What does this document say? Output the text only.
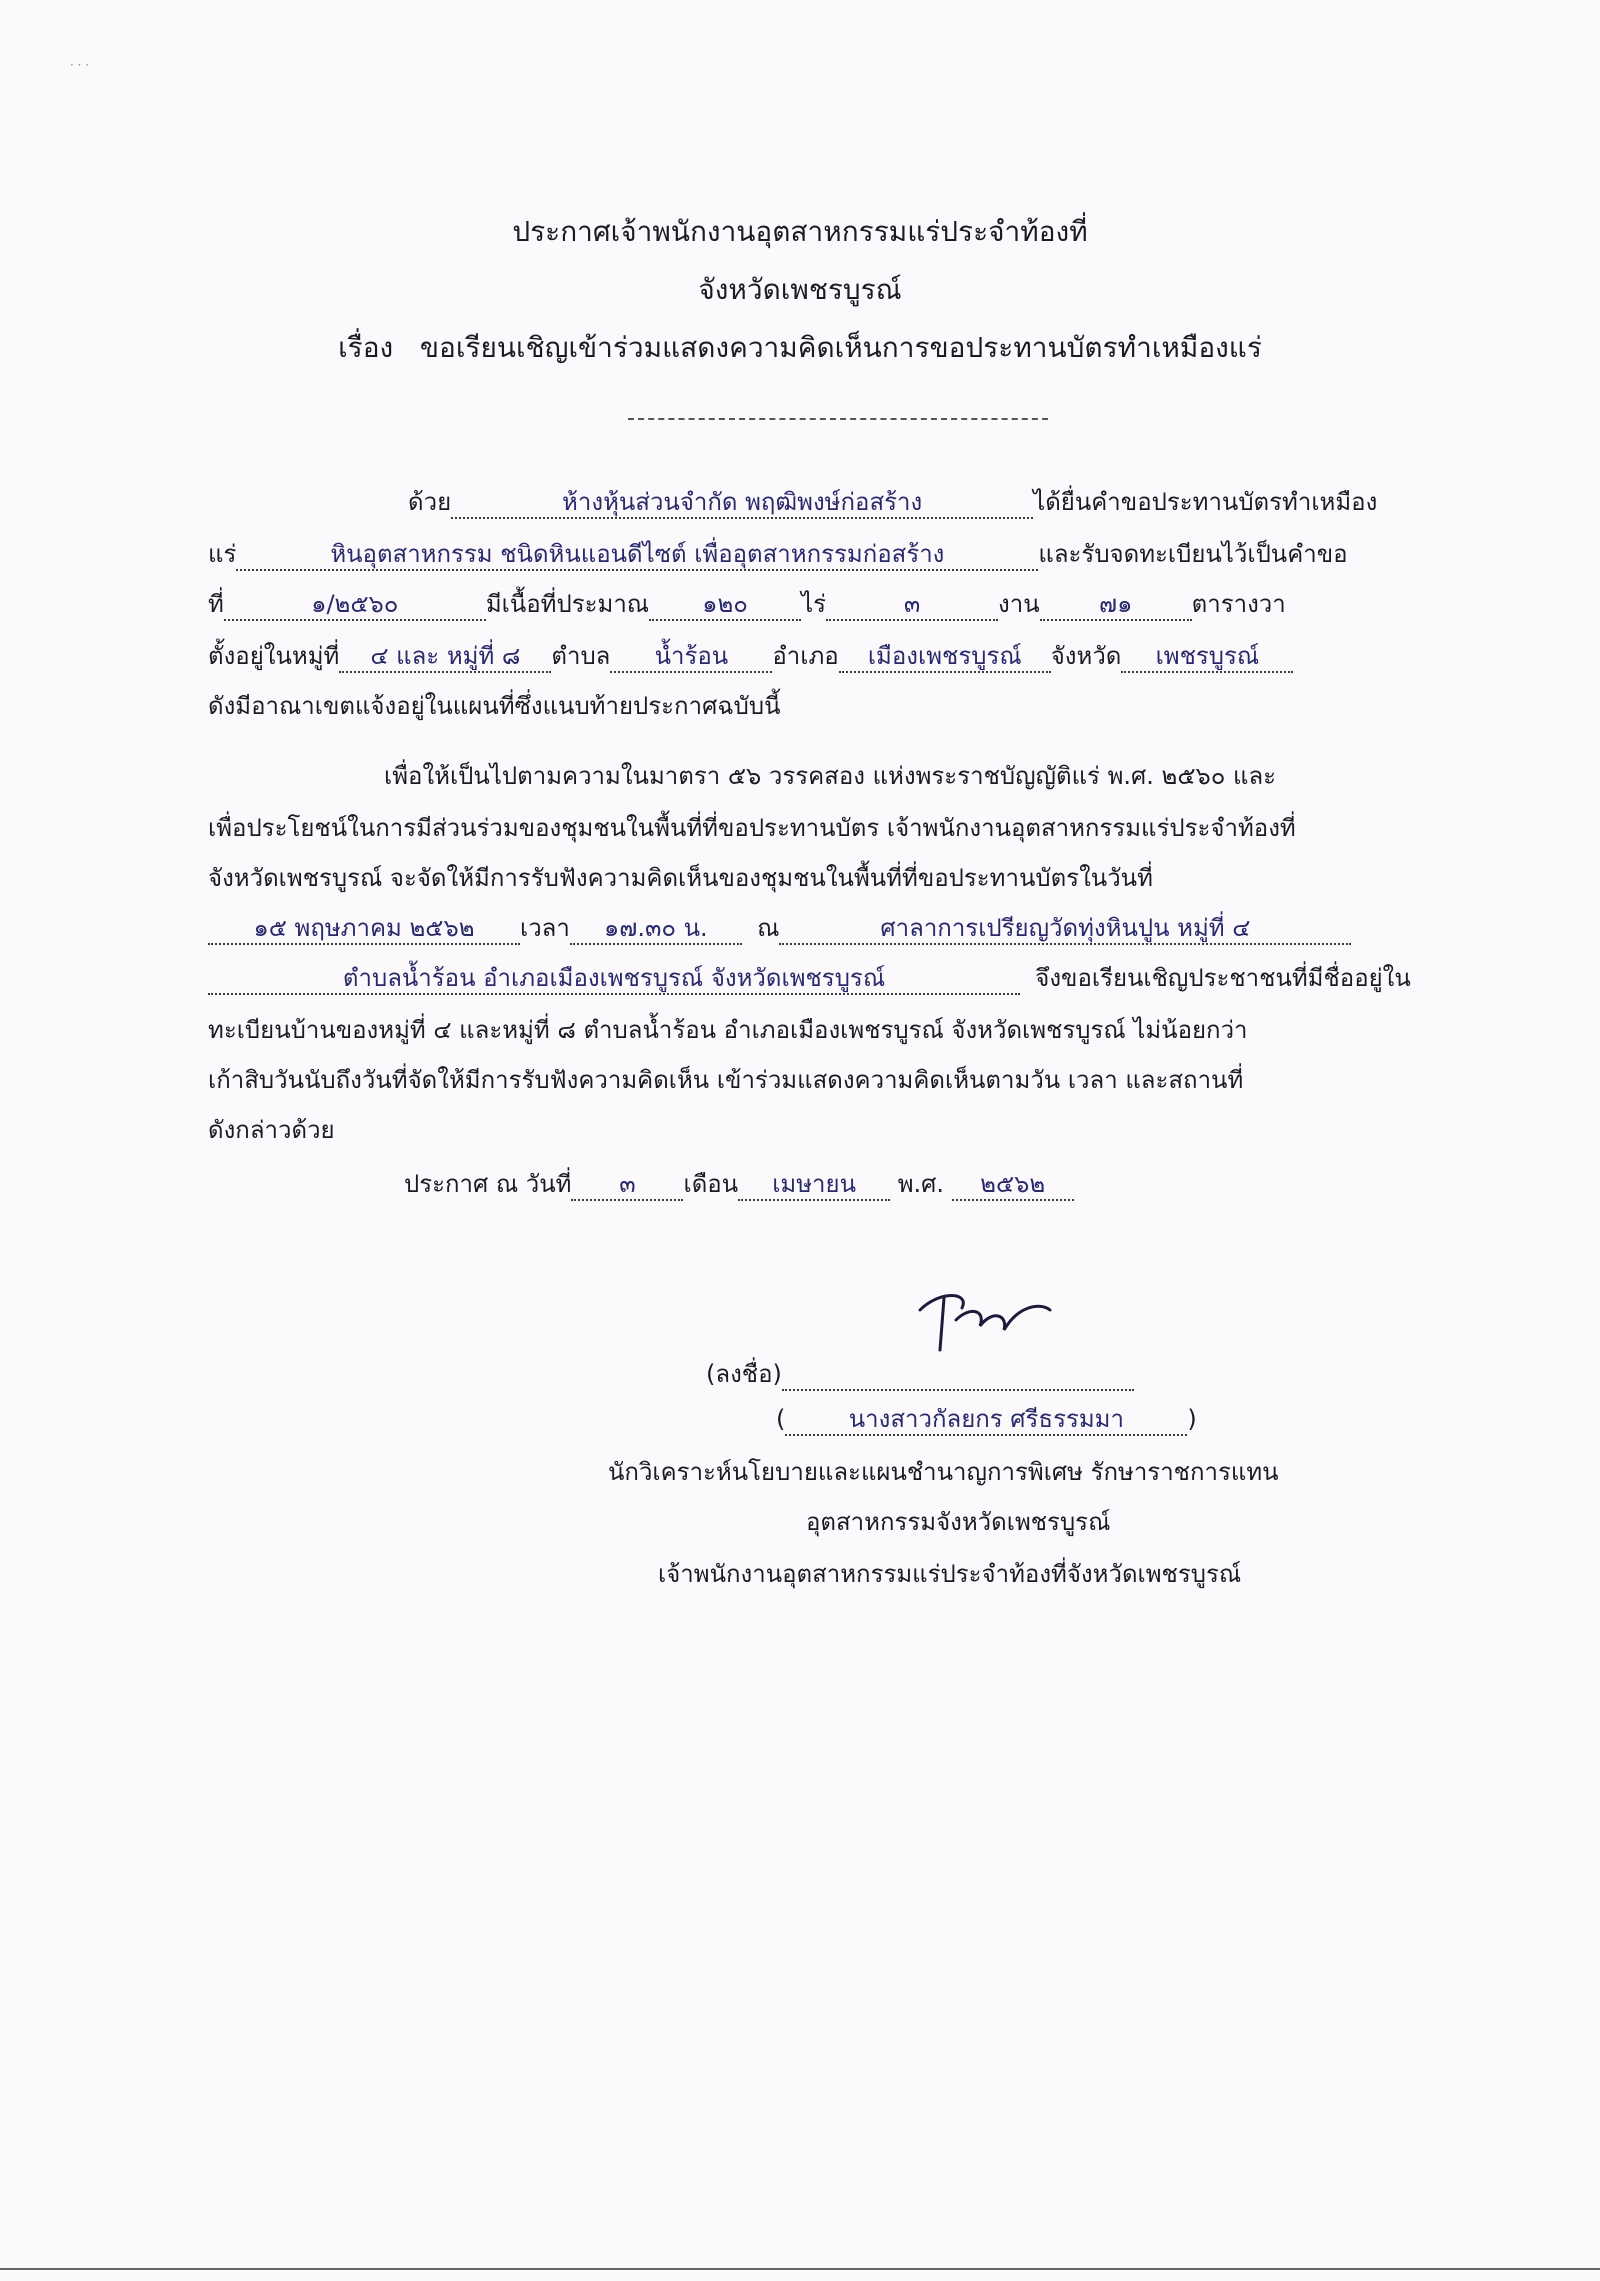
· · ·
ประกาศเจ้าพนักงานอุตสาหกรรมแร่ประจำท้องที่
จังหวัดเพชรบูรณ์
เรื่อง ขอเรียนเชิญเข้าร่วมแสดงความคิดเห็นการขอประทานบัตรทำเหมืองแร่
ด้วย	ห้างหุ้นส่วนจำกัด พฤฒิพงษ์ก่อสร้าง	ได้ยื่นคำขอประทานบัตรทำเหมือง
แร่	หินอุตสาหกรรม ชนิดหินแอนดีไซต์ เพื่ออุตสาหกรรมก่อสร้าง	และรับจดทะเบียนไว้เป็นคำขอ
ที่	๑/๒๕๖๐	มีเนื้อที่ประมาณ ๑๒๐ ไร่	๓	งาน ๗๑ ตารางวา
ตั้งอยู่ในหมู่ที่ ๔ และ หมู่ที่ ๘ ตำบล น้ำร้อน อำเภอ เมืองเพชรบูรณ์ จังหวัด เพชรบูรณ์
ดังมีอาณาเขตแจ้งอยู่ในแผนที่ซึ่งแนบท้ายประกาศฉบับนี้
เพื่อให้เป็นไปตามความในมาตรา ๕๖ วรรคสอง แห่งพระราชบัญญัติแร่ พ.ศ. ๒๕๖๐ และ
เพื่อประโยชน์ในการมีส่วนร่วมของชุมชนในพื้นที่ที่ขอประทานบัตร เจ้าพนักงานอุตสาหกรรมแร่ประจำท้องที่
จังหวัดเพชรบูรณ์ จะจัดให้มีการรับฟังความคิดเห็นของชุมชนในพื้นที่ที่ขอประทานบัตรในวันที่
๑๕ พฤษภาคม ๒๕๖๒ เวลา ๑๗.๓๐ น. ณ	ศาลาการเปรียญวัดทุ่งหินปูน หมู่ที่ ๔
ตำบลน้ำร้อน อำเภอเมืองเพชรบูรณ์ จังหวัดเพชรบูรณ์	จึงขอเรียนเชิญประชาชนที่มีชื่ออยู่ใน
ทะเบียนบ้านของหมู่ที่ ๔ และหมู่ที่ ๘ ตำบลน้ำร้อน อำเภอเมืองเพชรบูรณ์ จังหวัดเพชรบูรณ์ ไม่น้อยกว่า
เก้าสิบวันนับถึงวันที่จัดให้มีการรับฟังความคิดเห็น เข้าร่วมแสดงความคิดเห็นตามวัน เวลา และสถานที่
ดังกล่าวด้วย
ประกาศ ณ วันที่ ๓ เดือน เมษายน พ.ศ. ๒๕๖๒
(ลงชื่อ)
(	นางสาวกัลยกร ศรีธรรมมา	)
นักวิเคราะห์นโยบายและแผนชำนาญการพิเศษ รักษาราชการแทน
อุตสาหกรรมจังหวัดเพชรบูรณ์
เจ้าพนักงานอุตสาหกรรมแร่ประจำท้องที่จังหวัดเพชรบูรณ์
